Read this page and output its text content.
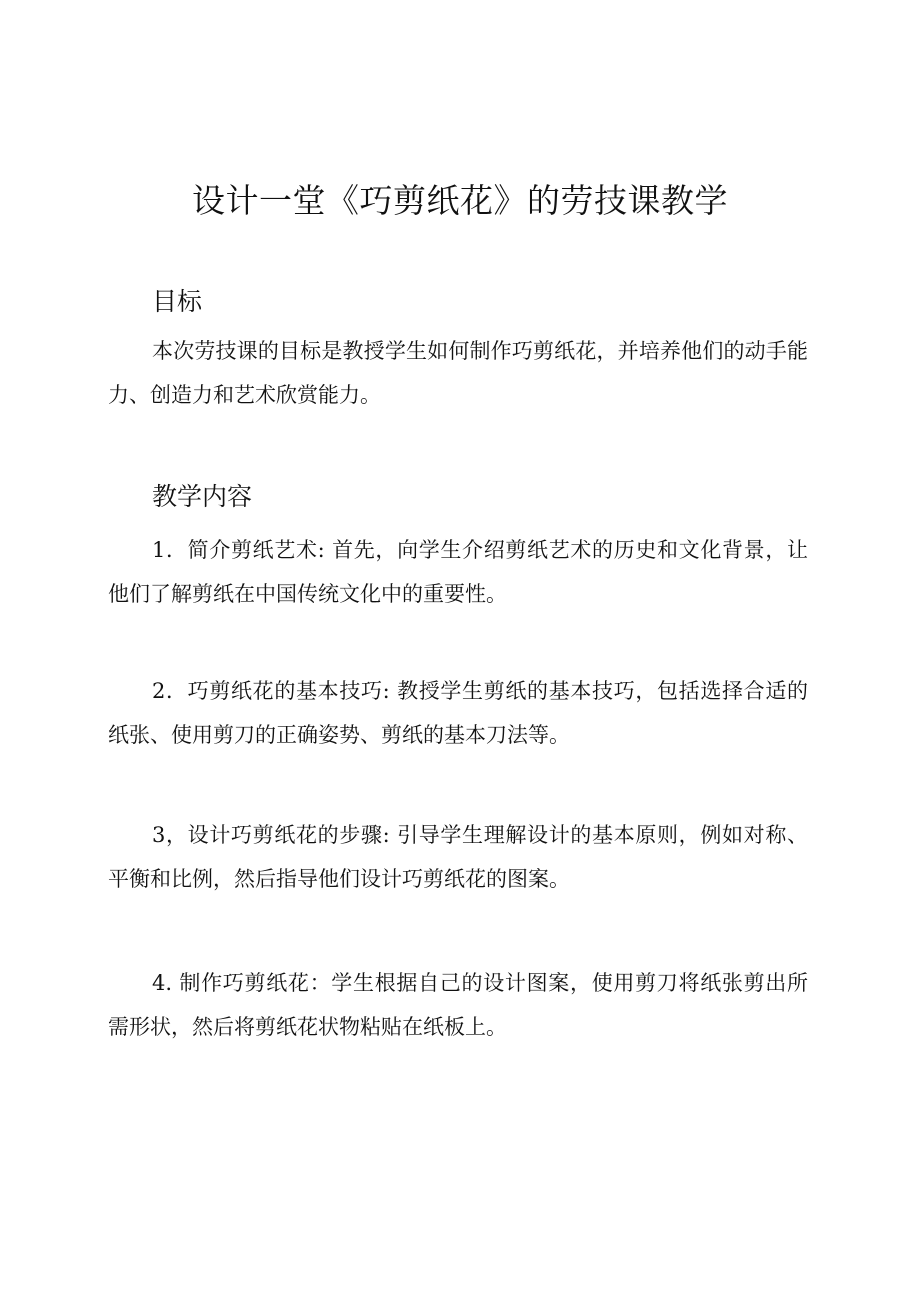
设计一堂《巧剪纸花》的劳技课教学
目标

本次劳技课的目标是教授学生如何制作巧剪纸花，并培养他们的动手能力、创造力和艺术欣赏能力。

教学内容

1．简介剪纸艺术: 首先，向学生介绍剪纸艺术的历史和文化背景，让他们了解剪纸在中国传统文化中的重要性。

2．巧剪纸花的基本技巧: 教授学生剪纸的基本技巧，包括选择合适的纸张、使用剪刀的正确姿势、剪纸的基本刀法等。

3，设计巧剪纸花的步骤: 引导学生理解设计的基本原则，例如对称、平衡和比例，然后指导他们设计巧剪纸花的图案。

4. 制作巧剪纸花：学生根据自己的设计图案，使用剪刀将纸张剪出所需形状，然后将剪纸花状物粘贴在纸板上。
